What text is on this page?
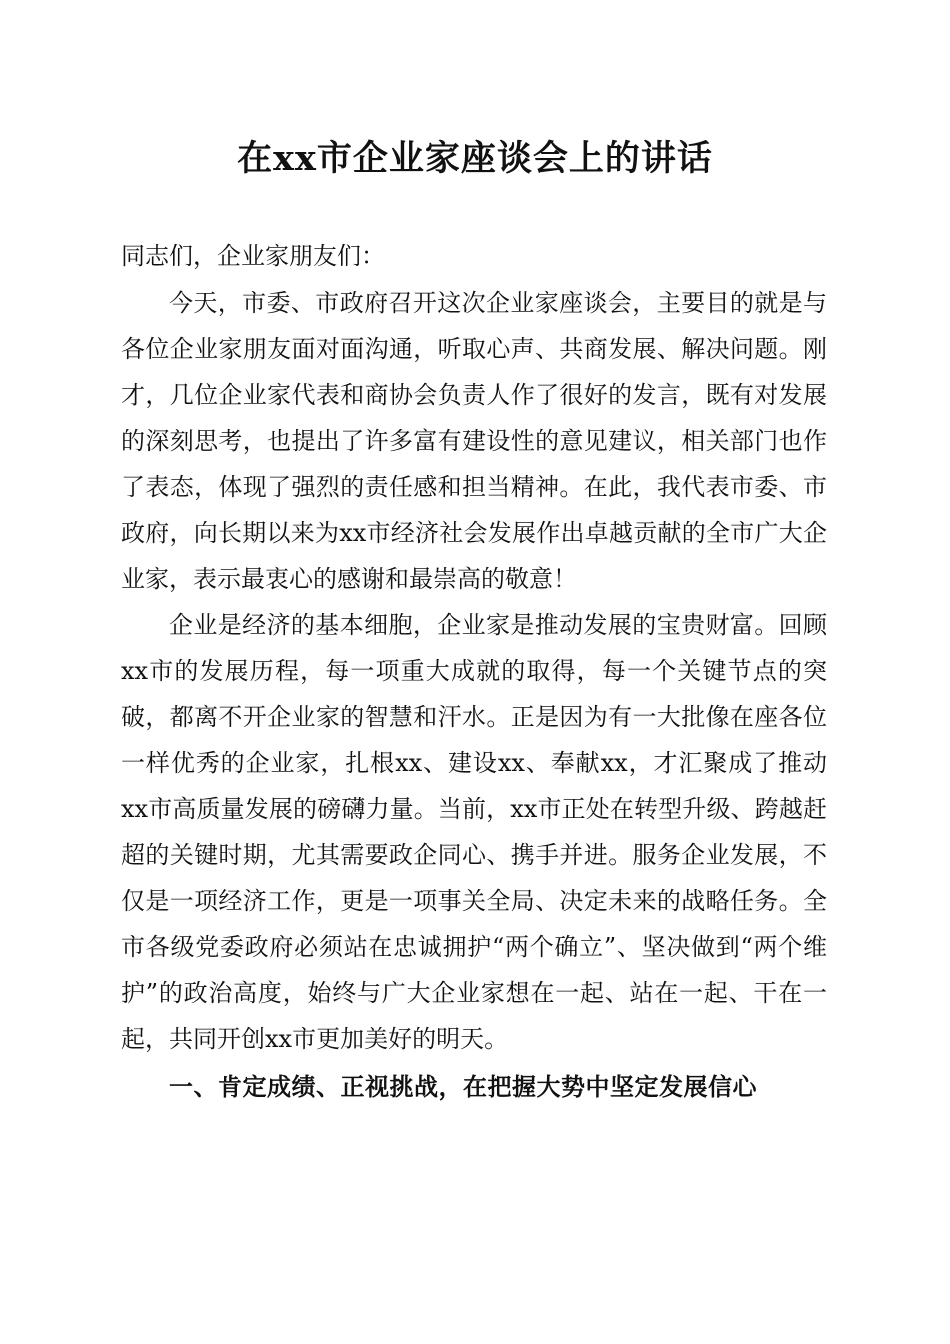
在xx市企业家座谈会上的讲话

同志们，企业家朋友们：

今天，市委、市政府召开这次企业家座谈会，主要目的就是与各位企业家朋友面对面沟通，听取心声、共商发展、解决问题。刚才，几位企业家代表和商协会负责人作了很好的发言，既有对发展的深刻思考，也提出了许多富有建设性的意见建议，相关部门也作了表态，体现了强烈的责任感和担当精神。在此，我代表市委、市政府，向长期以来为xx市经济社会发展作出卓越贡献的全市广大企业家，表示最衷心的感谢和最崇高的敬意！

企业是经济的基本细胞，企业家是推动发展的宝贵财富。回顾xx市的发展历程，每一项重大成就的取得，每一个关键节点的突破，都离不开企业家的智慧和汗水。正是因为有一大批像在座各位一样优秀的企业家，扎根xx、建设xx、奉献xx，才汇聚成了推动xx市高质量发展的磅礴力量。当前，xx市正处在转型升级、跨越赶超的关键时期，尤其需要政企同心、携手并进。服务企业发展，不仅是一项经济工作，更是一项事关全局、决定未来的战略任务。全市各级党委政府必须站在忠诚拥护“两个确立”、坚决做到“两个维护”的政治高度，始终与广大企业家想在一起、站在一起、干在一起，共同开创xx市更加美好的明天。

一、肯定成绩、正视挑战，在把握大势中坚定发展信心
